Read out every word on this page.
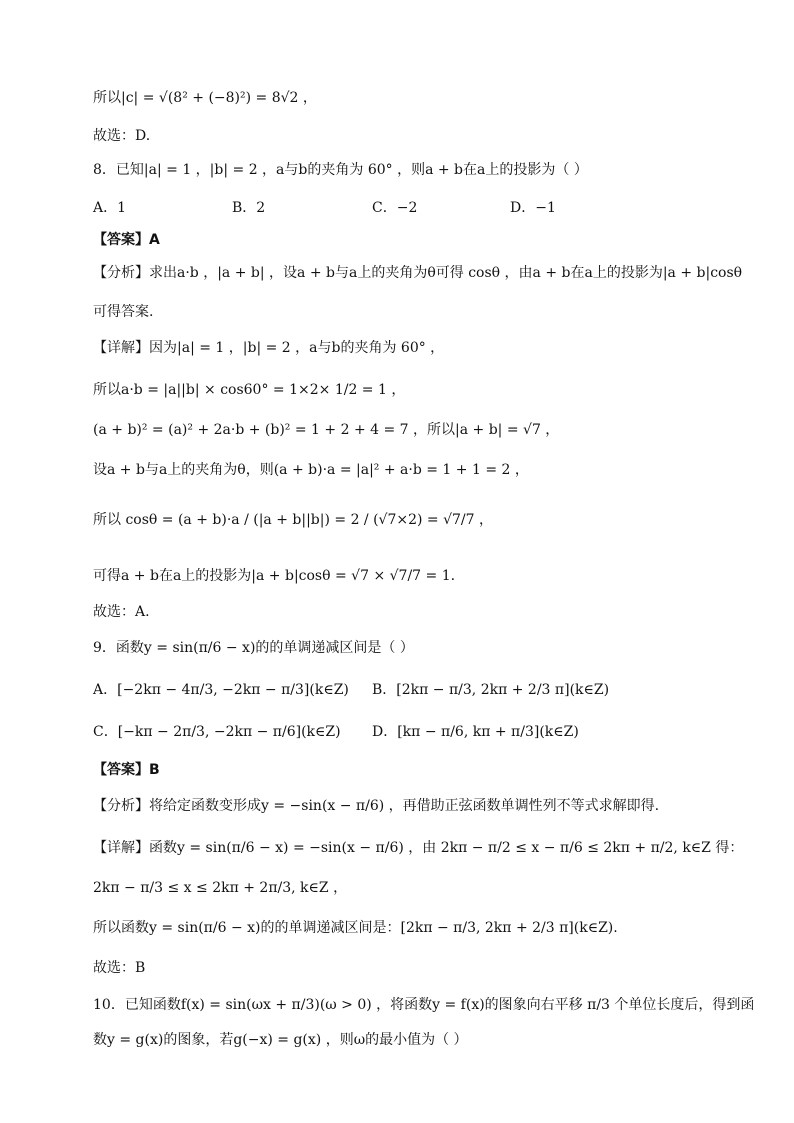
所以|c| = √(8² + (−8)²) = 8√2 ，
故选：D.
8．已知|a| = 1 ，|b| = 2 ，a与b的夹角为 60° ，则a + b在a上的投影为（ ）
A．1	B．2	C．−2	D．−1
【答案】A
【分析】求出a·b ，|a + b| ，设a + b与a上的夹角为θ可得 cosθ ，由a + b在a上的投影为|a + b|cosθ
可得答案.
【详解】因为|a| = 1 ，|b| = 2 ，a与b的夹角为 60° ，
所以a·b = |a||b| × cos60° = 1×2× 1/2 = 1 ，
(a + b)² = (a)² + 2a·b + (b)² = 1 + 2 + 4 = 7 ，所以|a + b| = √7 ，
设a + b与a上的夹角为θ，则(a + b)·a = |a|² + a·b = 1 + 1 = 2 ，
所以 cosθ = (a + b)·a / (|a + b||b|) = 2 / (√7×2) = √7/7 ，
可得a + b在a上的投影为|a + b|cosθ = √7 × √7/7 = 1.
故选：A.
9．函数y = sin(π/6 − x)的的单调递减区间是（ ）
A．[−2kπ − 4π/3, −2kπ − π/3](k∈Z) B．[2kπ − π/3, 2kπ + 2/3 π](k∈Z)
C．[−kπ − 2π/3, −2kπ − π/6](k∈Z) D．[kπ − π/6, kπ + π/3](k∈Z)
【答案】B
【分析】将给定函数变形成y = −sin(x − π/6) ，再借助正弦函数单调性列不等式求解即得.
【详解】函数y = sin(π/6 − x) = −sin(x − π/6) ，由 2kπ − π/2 ≤ x − π/6 ≤ 2kπ + π/2, k∈Z 得：
2kπ − π/3 ≤ x ≤ 2kπ + 2π/3, k∈Z ，
所以函数y = sin(π/6 − x)的的单调递减区间是：[2kπ − π/3, 2kπ + 2/3 π](k∈Z).
故选：B
10．已知函数f(x) = sin(ωx + π/3)(ω > 0) ，将函数y = f(x)的图象向右平移 π/3 个单位长度后，得到函
数y = g(x)的图象，若g(−x) = g(x) ，则ω的最小值为（ ）
